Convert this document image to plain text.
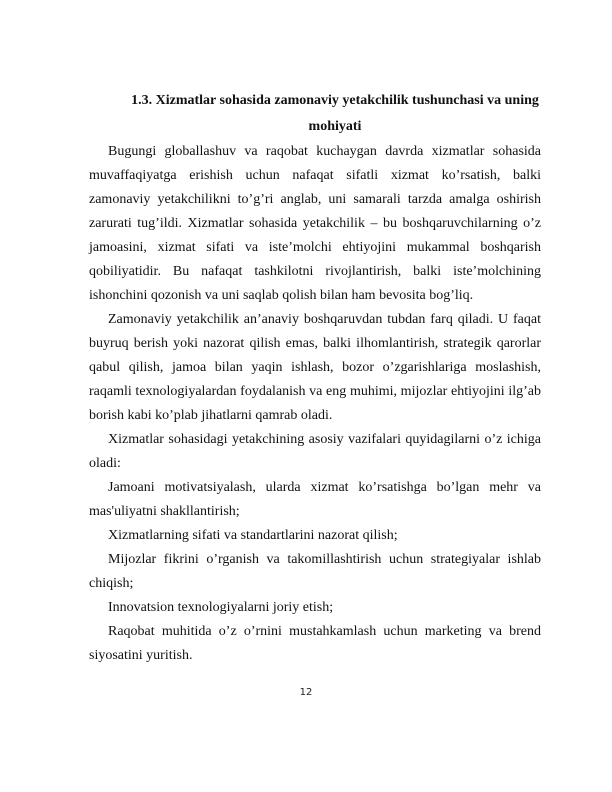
1.3. Xizmatlar sohasida zamonaviy yetakchilik tushunchasi va uning
mohiyati

Bugungi globallashuv va raqobat kuchaygan davrda xizmatlar sohasida muvaffaqiyatga erishish uchun nafaqat sifatli xizmat ko’rsatish, balki zamonaviy yetakchilikni to’g’ri anglab, uni samarali tarzda amalga oshirish zarurati tug’ildi. Xizmatlar sohasida yetakchilik – bu boshqaruvchilarning o’z jamoasini, xizmat sifati va iste’molchi ehtiyojini mukammal boshqarish qobiliyatidir. Bu nafaqat tashkilotni rivojlantirish, balki iste’molchining ishonchini qozonish va uni saqlab qolish bilan ham bevosita bog’liq.

Zamonaviy yetakchilik an’anaviy boshqaruvdan tubdan farq qiladi. U faqat buyruq berish yoki nazorat qilish emas, balki ilhomlantirish, strategik qarorlar qabul qilish, jamoa bilan yaqin ishlash, bozor o’zgarishlariga moslashish, raqamli texnologiyalardan foydalanish va eng muhimi, mijozlar ehtiyojini ilg’ab borish kabi ko’plab jihatlarni qamrab oladi.

Xizmatlar sohasidagi yetakchining asosiy vazifalari quyidagilarni o’z ichiga oladi:

Jamoani motivatsiyalash, ularda xizmat ko’rsatishga bo’lgan mehr va mas'uliyatni shakllantirish;

Xizmatlarning sifati va standartlarini nazorat qilish;

Mijozlar fikrini o’rganish va takomillashtirish uchun strategiyalar ishlab chiqish;

Innovatsion texnologiyalarni joriy etish;

Raqobat muhitida o’z o’rnini mustahkamlash uchun marketing va brend siyosatini yuritish.

12
